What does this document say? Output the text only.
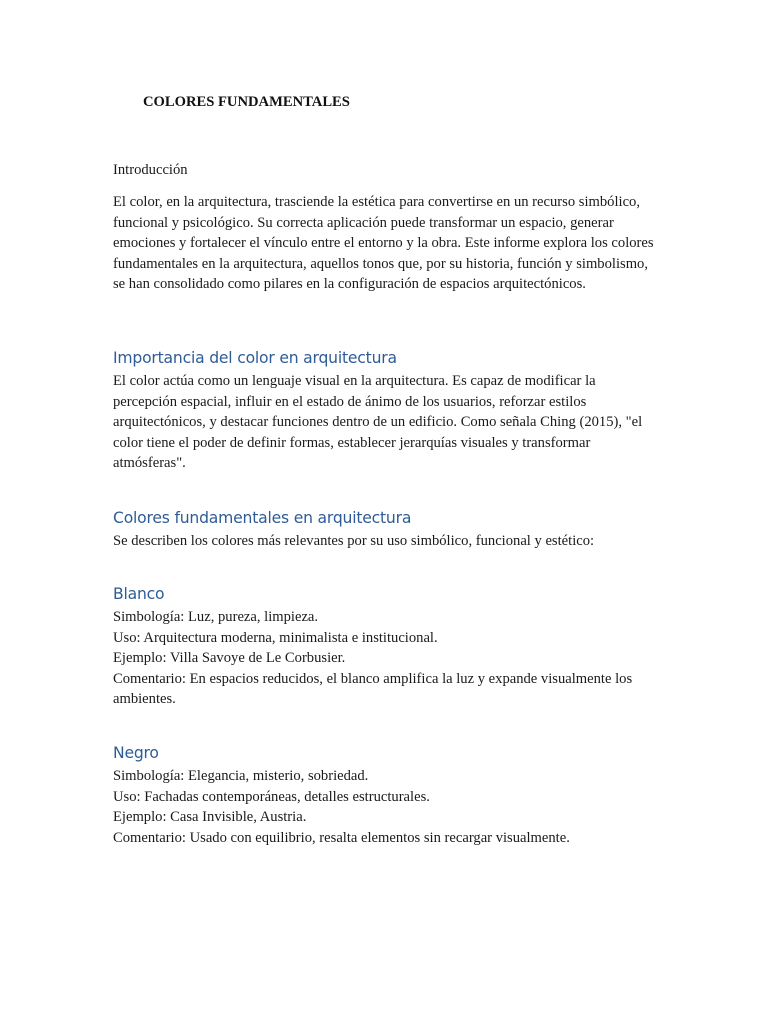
COLORES FUNDAMENTALES

Introducción

El color, en la arquitectura, trasciende la estética para convertirse en un recurso simbólico, funcional y psicológico. Su correcta aplicación puede transformar un espacio, generar emociones y fortalecer el vínculo entre el entorno y la obra. Este informe explora los colores fundamentales en la arquitectura, aquellos tonos que, por su historia, función y simbolismo, se han consolidado como pilares en la configuración de espacios arquitectónicos.

Importancia del color en arquitectura

El color actúa como un lenguaje visual en la arquitectura. Es capaz de modificar la percepción espacial, influir en el estado de ánimo de los usuarios, reforzar estilos arquitectónicos, y destacar funciones dentro de un edificio. Como señala Ching (2015), "el color tiene el poder de definir formas, establecer jerarquías visuales y transformar atmósferas".

Colores fundamentales en arquitectura

Se describen los colores más relevantes por su uso simbólico, funcional y estético:

Blanco
Simbología: Luz, pureza, limpieza.
Uso: Arquitectura moderna, minimalista e institucional.
Ejemplo: Villa Savoye de Le Corbusier.
Comentario: En espacios reducidos, el blanco amplifica la luz y expande visualmente los ambientes.
Negro
Simbología: Elegancia, misterio, sobriedad.
Uso: Fachadas contemporáneas, detalles estructurales.
Ejemplo: Casa Invisible, Austria.
Comentario: Usado con equilibrio, resalta elementos sin recargar visualmente.
